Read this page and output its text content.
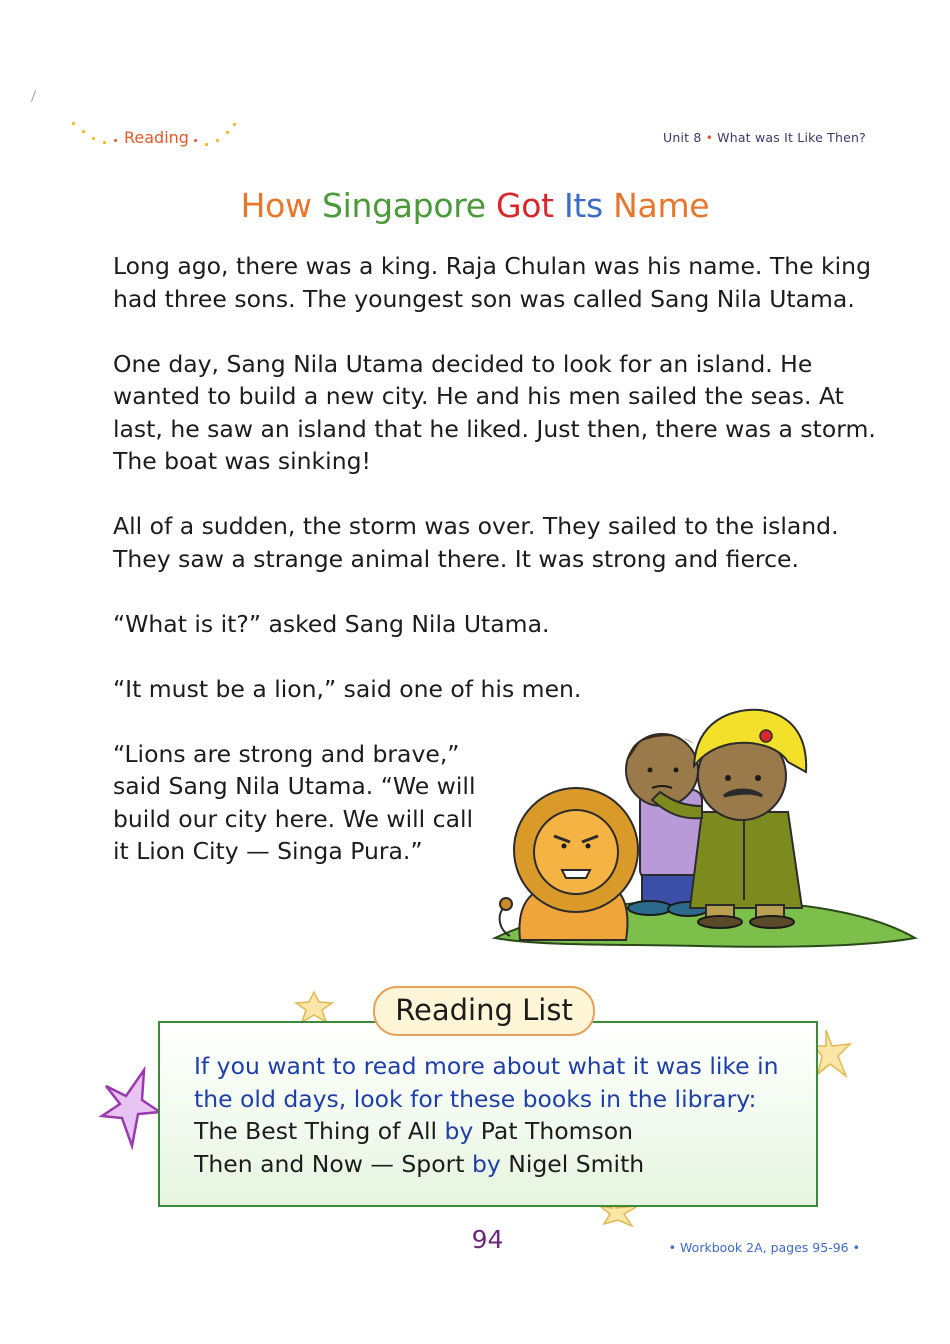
Reading	Unit 8 • What was It Like Then?
How Singapore Got Its Name

Long ago, there was a king. Raja Chulan was his name. The king had three sons. The youngest son was called Sang Nila Utama.

One day, Sang Nila Utama decided to look for an island. He wanted to build a new city. He and his men sailed the seas. At last, he saw an island that he liked. Just then, there was a storm. The boat was sinking!

All of a sudden, the storm was over. They sailed to the island. They saw a strange animal there. It was strong and fierce.

“What is it?” asked Sang Nila Utama.

“It must be a lion,” said one of his men.

“Lions are strong and brave,” said Sang Nila Utama. “We will build our city here. We will call it Lion City — Singa Pura.”

Reading List
If you want to read more about what it was like in the old days, look for these books in the library:
The Best Thing of All by Pat Thomson
Then and Now — Sport by Nigel Smith
94	• Workbook 2A, pages 95-96 •
